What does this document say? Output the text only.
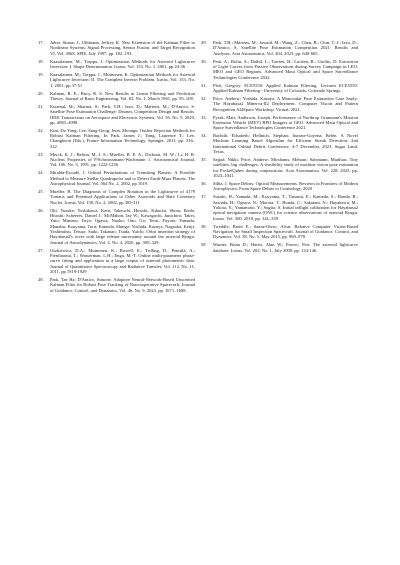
17. Julier, Simon J.; Uhlmann, Jeffrey K. New Extension of the Kalman Filter to Nonlinear Systems. Signal Processing, Sensor Fusion, and Target Recognition VI, Vol. 3068, SPIE, July 1997, pp. 182–193.
18. Kaasalainen, M.; Torppa, J. Optimization Methods for Asteroid Lightcurve Inversion: I. Shape Determination. Icarus, Vol. 153, No. 1, 2001, pp 24-36
19. Kaasalainen, M.; Torppa, J.; Muinonen, K. Optimization Methods for Asteroid Lightcurve Inversion: II. The Complete Inverse Problem. Icarus, Vol. 153, No. 1, 2001, pp 37-51
20. Kalman, R. E.; Bucy, R. S. New Results in Linear Filtering and Prediction Theory. Journal of Basic Engineering, Vol. 83, No. 1, March 1961, pp. 95–108.
21. Kisantal, M.; Sharma, S.; Park, T.H.; Izzo, D.; Märtens, M.; D'Amico, S. Satellite Pose Estimation Challenge: Dataset, Competition Design and Results. IEEE Transactions on Aerospace and Electronic Systems, Vol. 56, No. 5, 2020, pp. 4083–4098.
22. Kim, Do Yong; Lee, Sang-Goog; Jeon, Moongu. Outlier Rejection Methods for Robust Kalman Filtering. In Park, James J.; Yang, Laurence T.; Lee, Changhoon (Eds.), Future Information Technology, Springer, 2011, pp. 316–322.
23. Merck, K. J.; Belton, M. J. S.; Mueller, B. E. A.; Dickson, M. W.; Li, H. R. Nucleus Properties of P/Schwassmann-Wachmann 1. Astronomical Journal, Vol. 106, No. 3, 1991, pp. 1222-1236
24. Miralda-Escudé, J. Orbital Perturbations of Transiting Planets: A Possible Method to Measure Stellar Quadrupoles and to Detect Earth-Mass Planets. The Astrophysical Journal, Vol. 564 No. 2, 2002, pp 1019.
25. Mueller, B. The Diagnosis of Complex Rotation in the Lightcurve of 4179 Toutatis and Potential Applications to Other Asteroids and Bare Cometary Nuclei. Icarus, Vol. 158, No. 2, 2002, pp 305-311
26. Oki, Yusuke; Yoshikawa, Kent; Takeuchi, Hiroshi; Kikuchi, Shota; Ikeda, Hitoshi; Scheeres, Daniel J.; McMahon, Jay W.; Kawaguchi, Junichiro; Takei, Yuto; Mimasu, Yuya; Ogawa, Naoko; Ono, Go; Terui, Fuyuto; Yamada, Manabu; Kouyama, Toru; Kameda, Shingo; Yoshida, Kazuya; Nagaoka, Kenji; Yoshimitsu, Tetsuo; Saiki, Takanao; Tsuda, Yuichi. Orbit insertion strategy of Hayabusa2's rover with large release uncertainty around the asteroid Ryugu. Journal of Astrodynamics, Vol. 4, No. 4, 2020, pp. 309–329.
27. Oszkiewicz, D.A.; Muinonen, K.; Bowell, E.; Trilling, D.; Penttilä, A.; Pieniluoma, T.; Wasserman, L.H.; Enga, M.-T. Online multi-parameter phase-curve fitting and application to a large corpus of asteroid photometric data. Journal of Quantitative Spectroscopy and Radiative Transfer, Vol. 112, No. 11, 2011, pp 1919-1929
28. Park, Tae Ha; D'Amico, Simone. Adaptive Neural-Network-Based Unscented Kalman Filter for Robust Pose Tracking of Noncooperative Spacecraft. Journal of Guidance, Control, and Dynamics, Vol. 46, No. 9, 2023, pp. 1671–1688.
29. Park, T.H.; Märtens, M.; Jawaid, M.; Wang, Z.; Chen, B.; Chin, T.-J.; Izzo, D.; D'Amico, S. Satellite Pose Estimation Competition 2021: Results and Analyses. Acta Astronautica, Vol. 204, 2023, pp. 640-665.
30. Petit, A.; Rolin, A.; Dathil, L.; Tarrieu, H.; Lucken, R.; Giolito, D. Extraction of Light Curves from Passive Observations during Survey Campaign in LEO, MEO and GEO Regions. Advanced Maui Optical and Space Surveillance Technologies Conference 2022.
31. Plett, Gregory. ECE5550: Applied Kalman Filtering. Lectures ECE5550: Applied Kalman Filtering - University of Colorado, Colorado Springs.
32. Price, Andrew; Yoshida, Kazuya. A Monocular Pose Estimation Case Study: The Hayabusa2 Minerva-II2 Deployment. Computer Vision and Pattern Recognition AI4Space Workshop. Virtual, 2021.
33. Pyrak, Matt; Anderson, Joseph. Performance of Northrop Grumman's Mission Extension Vehicle (MEV) RPO Imagers at GEO. Advanced Maui Optical and Space Surveillance Technologies Conference 2021.
34. Rachith, Elisabeth; Hellnich, Stephan; Iturrate-Goyena, Belén. A Novel Machine Learning Based Algorithm for Efficient Streak Detection. 2nd International Orbital Debris Conference. 4-7 December, 2023. Sugar Land, Texas.
35. Sajjad, Nikki; Price, Andrew; Mirshams, Mehran; Salzmann, Matthias. Tiny satellites, big challenges: A feasibility study of machine vision pose estimation for PocketQubes during conjunctions. Acta Astronautica. Vol. 228, 2025, pp. 1023–1041.
36. Silha, J. Space Debris: Optical Measurements. Reviews in Frontiers of Modern Astrophysics: From Space Debris to Cosmology, 2020
37. Suzuki, H.; Yamada, M.; Kouyama, T.; Tatsumi, E.; Kameda, S.; Honda, R.; Sawada, H.; Ogawa, N.; Morota, T.; Honda, C.; Sakatani, N.; Hayakawa, M.; Yokota, Y.; Yamamoto, Y.; Sugita, S. Initial inflight calibration for Hayabusa2 optical navigation camera (ONC) for science observations of asteroid Ryugu. Icarus. Vol. 300. 2018. pp. 341–359.
38. Tweddle, Brent E.; Saenz-Otero, Alvar. Relative Computer Vision-Based Navigation for Small Inspection Spacecraft. Journal of Guidance, Control, and Dynamics, Vol. 38, No. 5, May 2015, pp. 969–978.
39. Warner, Brian D.; Harris, Alan W.; Pravec, Petr. The asteroid lightcurve database. Icarus, Vol. 202, No. 1, July 2009, pp. 134-146.
